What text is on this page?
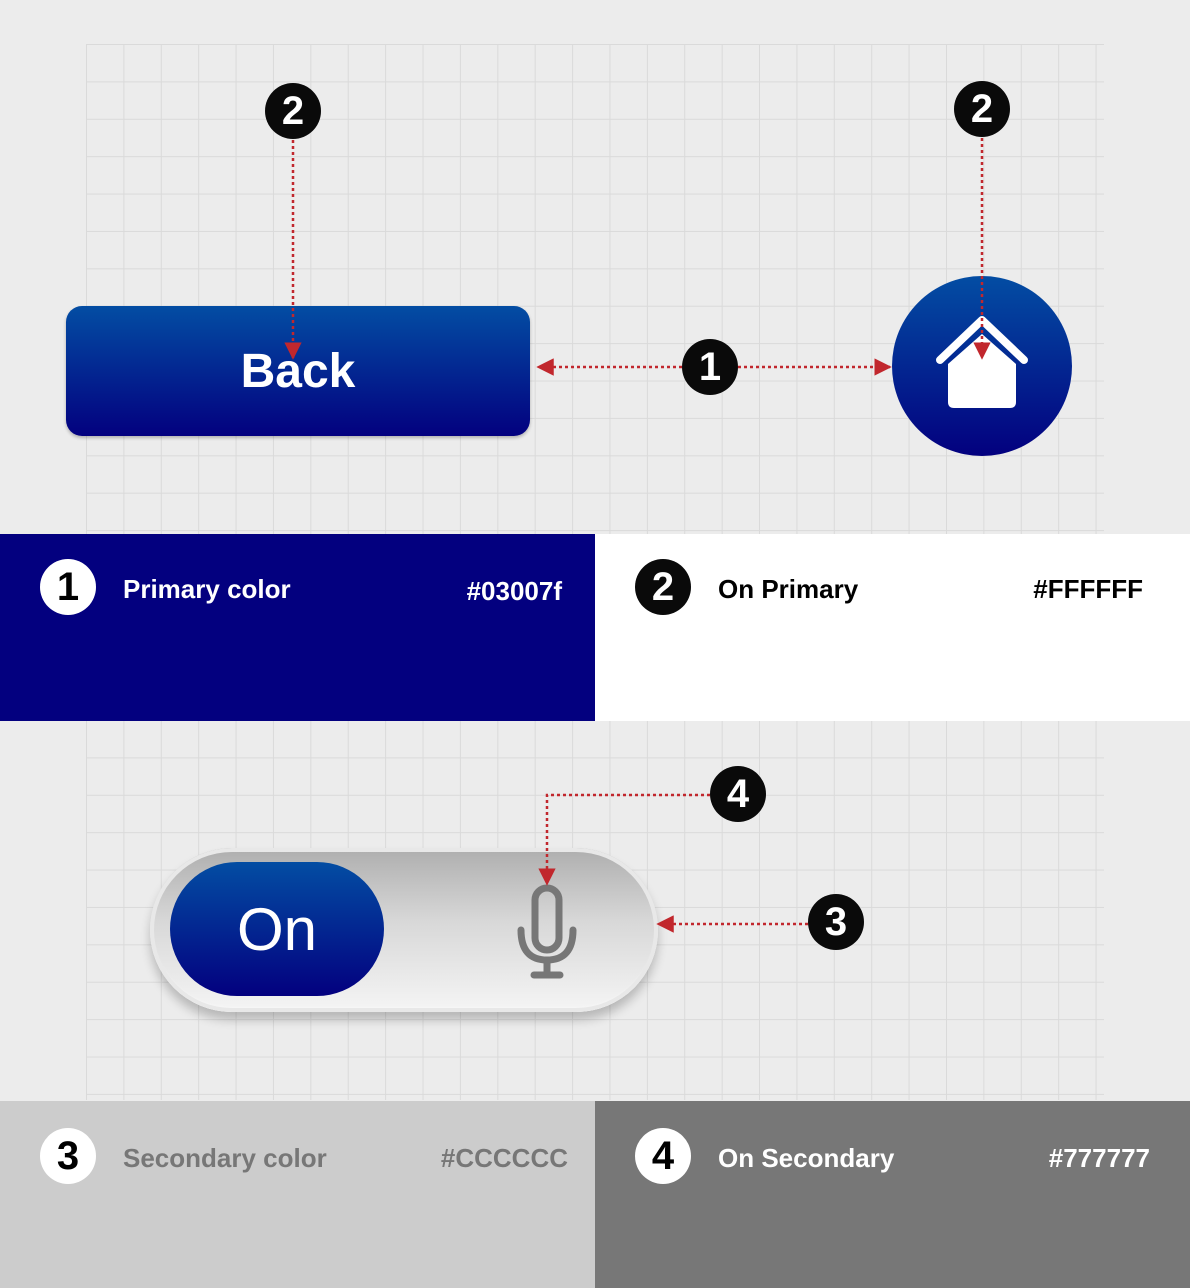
Back
1	Primary color	#03007f	2	On Primary	#FFFFFF
On
3	Secondary color	#CCCCCC	4	On Secondary	#777777
2	2
1
4
3
